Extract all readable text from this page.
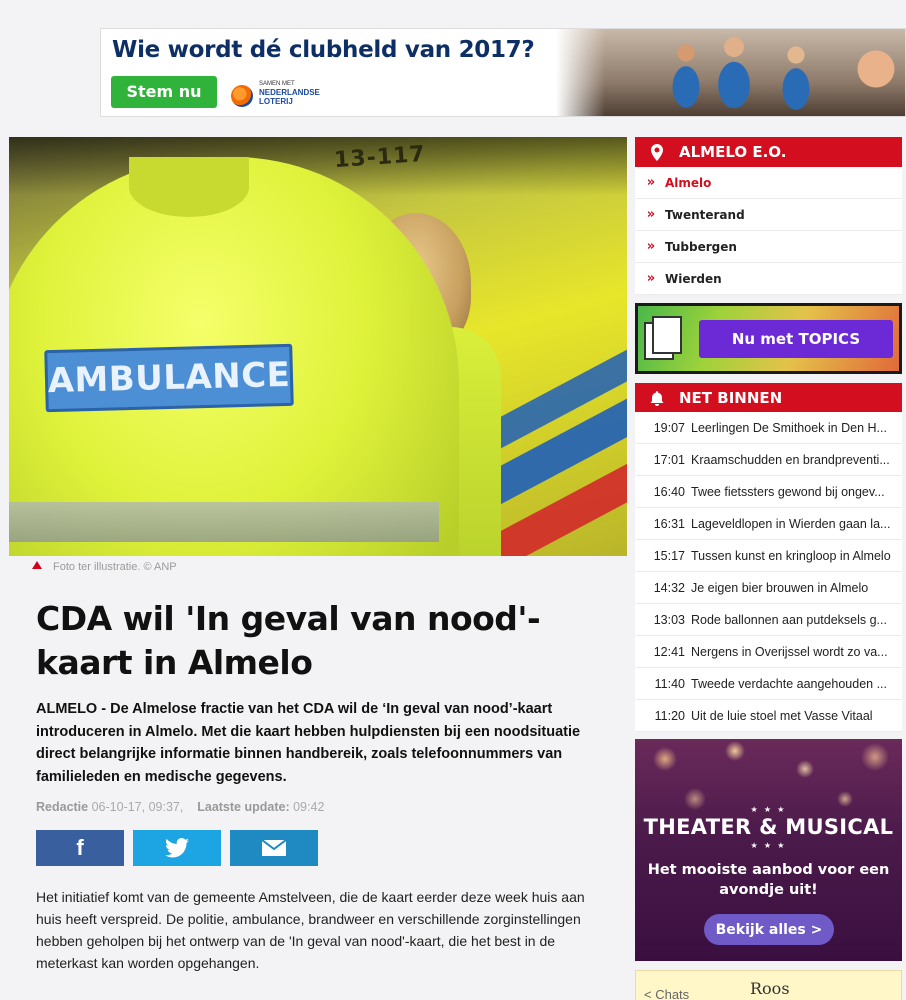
Wie wordt dé clubheld van 2017?
Stem nu	SAMEN MET
NEDERLANDSE LOTERIJ
13-117
AMBULANCE
Foto ter illustratie. © ANP
CDA wil 'In geval van nood'-kaart in Almelo

ALMELO - De Almelose fractie van het CDA wil de ‘In geval van nood’-kaart introduceren in Almelo. Met die kaart hebben hulpdiensten bij een noodsituatie direct belangrijke informatie binnen handbereik, zoals telefoonnummers van familieleden en medische gegevens.

Redactie 06-10-17, 09:37,    Laatste update: 09:42
f

Het initiatief komt van de gemeente Amstelveen, die de kaart eerder deze week huis aan huis heeft verspreid. De politie, ambulance, brandweer en verschillende zorginstellingen hebben geholpen bij het ontwerp van de 'In geval van nood'-kaart, die het best in de meterkast kan worden opgehangen.

ALMELO E.O.
» Almelo
» Twenterand
» Tubbergen
» Wierden
Nu met TOPICS
NET BINNEN
19:07 Leerlingen De Smithoek in Den H...
17:01 Kraamschudden en brandpreventi...
16:40 Twee fietssters gewond bij ongev...
16:31 Lageveldlopen in Wierden gaan la...
15:17 Tussen kunst en kringloop in Almelo
14:32 Je eigen bier brouwen in Almelo
13:03 Rode ballonnen aan putdeksels g...
12:41 Nergens in Overijssel wordt zo va...
11:40 Tweede verdachte aangehouden ...
11:20 Uit de luie stoel met Vasse Vitaal
★ ★ ★
THEATER & MUSICAL
★ ★ ★
Het mooiste aanbod voor een avondje uit!
Bekijk alles >
< Chats	Roos
